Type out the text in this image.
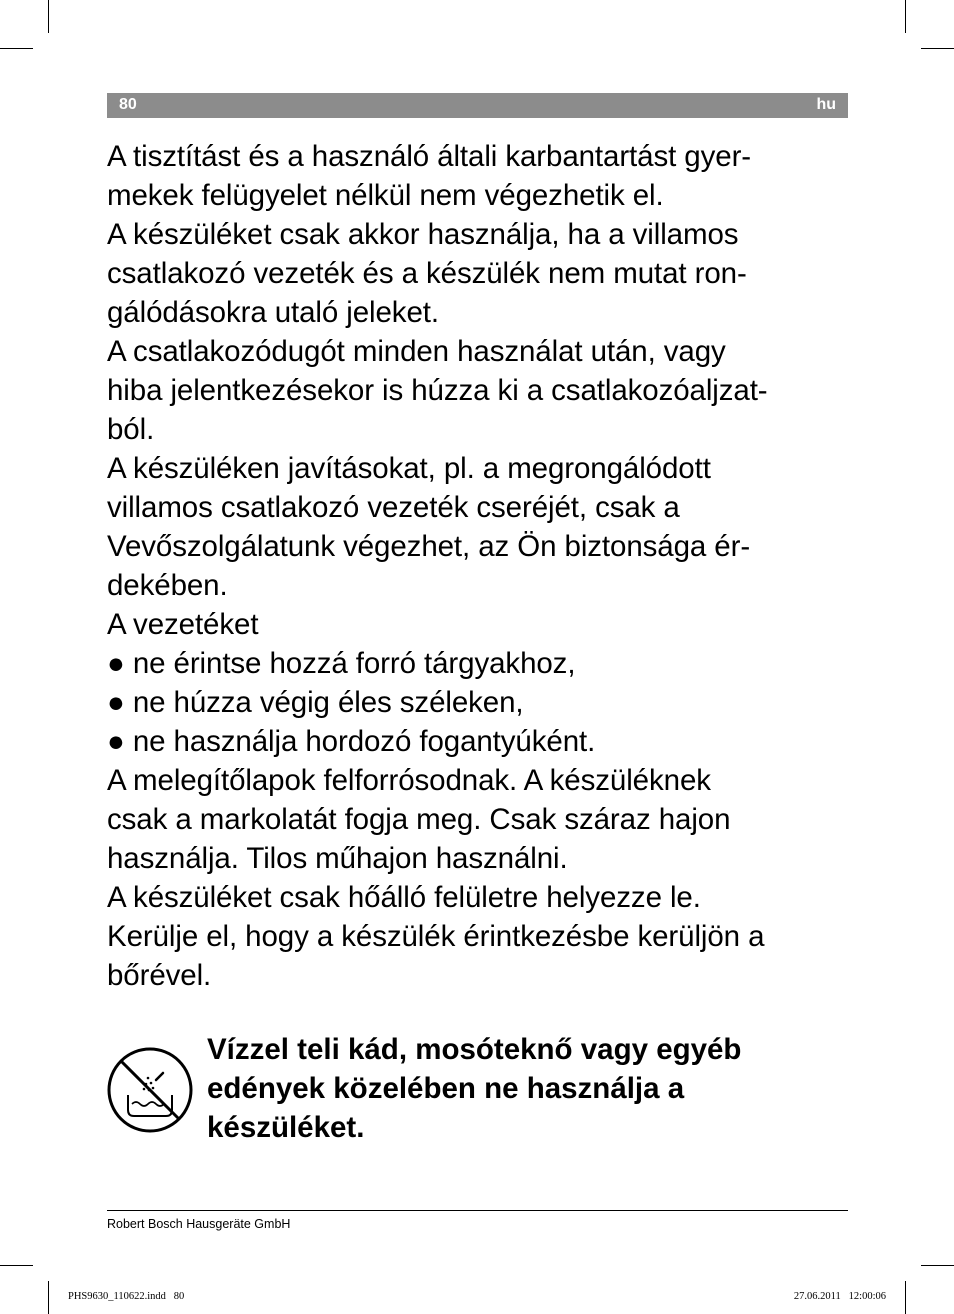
80	hu
A tisztítást és a használó általi karbantartást gyer-
mekek felügyelet nélkül nem végezhetik el.
A készüléket csak akkor használja, ha a villamos
csatlakozó vezeték és a készülék nem mutat ron-
gálódásokra utaló jeleket.
A csatlakozódugót minden használat után, vagy
hiba jelentkezésekor is húzza ki a csatlakozóaljzat-
ból.
A készüléken javításokat, pl. a megrongálódott
villamos csatlakozó vezeték cseréjét, csak a
Vevőszolgálatunk végezhet, az Ön biztonsága ér-
dekében.
A vezetéket
● ne érintse hozzá forró tárgyakhoz,
● ne húzza végig éles széleken,
● ne használja hordozó fogantyúként.
A melegítőlapok felforrósodnak. A készüléknek
csak a markolatát fogja meg. Csak száraz hajon
használja. Tilos műhajon használni.
A készüléket csak hőálló felületre helyezze le.
Kerülje el, hogy a készülék érintkezésbe kerüljön a
bőrével.
Vízzel teli kád, mosóteknő vagy egyéb
edények közelében ne használja a
készüléket.
Robert Bosch Hausgeräte GmbH
PHS9630_110622.indd   80	27.06.2011   12:00:06
